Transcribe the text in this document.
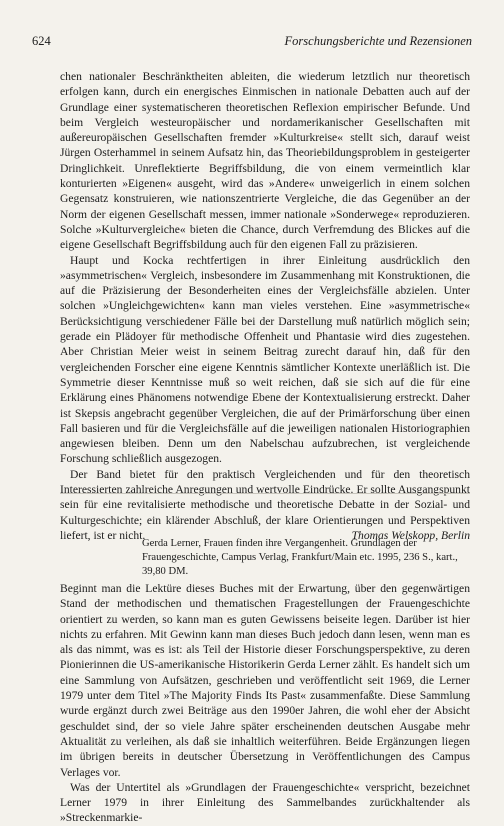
624	Forschungsberichte und Rezensionen

chen nationaler Beschränktheiten ableiten, die wiederum letztlich nur theoretisch erfolgen kann, durch ein energisches Einmischen in nationale Debatten auch auf der Grundlage einer systematischeren theoretischen Reflexion empirischer Befunde. Und beim Vergleich westeuropäischer und nordamerikanischer Gesellschaften mit außereuropäischen Gesellschaften fremder »Kulturkreise« stellt sich, darauf weist Jürgen Osterhammel in seinem Aufsatz hin, das Theoriebildungsproblem in gesteigerter Dringlichkeit. Unreflektierte Begriffsbildung, die von einem vermeintlich klar konturierten »Eigenen« ausgeht, wird das »Andere« unweigerlich in einem solchen Gegensatz konstruieren, wie nationszentrierte Vergleiche, die das Gegenüber an der Norm der eigenen Gesellschaft messen, immer nationale »Sonderwege« reproduzieren. Solche »Kulturvergleiche« bieten die Chance, durch Verfremdung des Blickes auf die eigene Gesellschaft Begriffsbildung auch für den eigenen Fall zu präzisieren.

Haupt und Kocka rechtfertigen in ihrer Einleitung ausdrücklich den »asymmetrischen« Vergleich, insbesondere im Zusammenhang mit Konstruktionen, die auf die Präzisierung der Besonderheiten eines der Vergleichsfälle abzielen. Unter solchen »Ungleichgewichten« kann man vieles verstehen. Eine »asymmetrische« Berücksichtigung verschiedener Fälle bei der Darstellung muß natürlich möglich sein; gerade ein Plädoyer für methodische Offenheit und Phantasie wird dies zugestehen. Aber Christian Meier weist in seinem Beitrag zurecht darauf hin, daß für den vergleichenden Forscher eine eigene Kenntnis sämtlicher Kontexte unerläßlich ist. Die Symmetrie dieser Kenntnisse muß so weit reichen, daß sie sich auf die für eine Erklärung eines Phänomens notwendige Ebene der Kontextualisierung erstreckt. Daher ist Skepsis angebracht gegenüber Vergleichen, die auf der Primärforschung über einen Fall basieren und für die Vergleichsfälle auf die jeweiligen nationalen Historiographien angewiesen bleiben. Denn um den Nabelschau aufzubrechen, ist vergleichende Forschung schließlich ausgezogen.

Der Band bietet für den praktisch Vergleichenden und für den theoretisch Interessierten zahlreiche Anregungen und wertvolle Eindrücke. Er sollte Ausgangspunkt sein für eine revitalisierte methodische und theoretische Debatte in der Sozial- und Kulturgeschichte; ein klärender Abschluß, der klare Orientierungen und Perspektiven liefert, ist er nicht.	Thomas Welskopp, Berlin

Gerda Lerner, Frauen finden ihre Vergangenheit. Grundlagen der Frauengeschichte, Campus Verlag, Frankfurt/Main etc. 1995, 236 S., kart., 39,80 DM.

Beginnt man die Lektüre dieses Buches mit der Erwartung, über den gegenwärtigen Stand der methodischen und thematischen Fragestellungen der Frauengeschichte orientiert zu werden, so kann man es guten Gewissens beiseite legen. Darüber ist hier nichts zu erfahren. Mit Gewinn kann man dieses Buch jedoch dann lesen, wenn man es als das nimmt, was es ist: als Teil der Historie dieser Forschungsperspektive, zu deren Pionierinnen die US-amerikanische Historikerin Gerda Lerner zählt. Es handelt sich um eine Sammlung von Aufsätzen, geschrieben und veröffentlicht seit 1969, die Lerner 1979 unter dem Titel »The Majority Finds Its Past« zusammenfaßte. Diese Sammlung wurde ergänzt durch zwei Beiträge aus den 1990er Jahren, die wohl eher der Absicht geschuldet sind, der so viele Jahre später erscheinenden deutschen Ausgabe mehr Aktualität zu verleihen, als daß sie inhaltlich weiterführen. Beide Ergänzungen liegen im übrigen bereits in deutscher Übersetzung in Veröffentlichungen des Campus Verlages vor.

Was der Untertitel als »Grundlagen der Frauengeschichte« verspricht, bezeichnet Lerner 1979 in ihrer Einleitung des Sammelbandes zurückhaltender als »Streckenmarkie-
